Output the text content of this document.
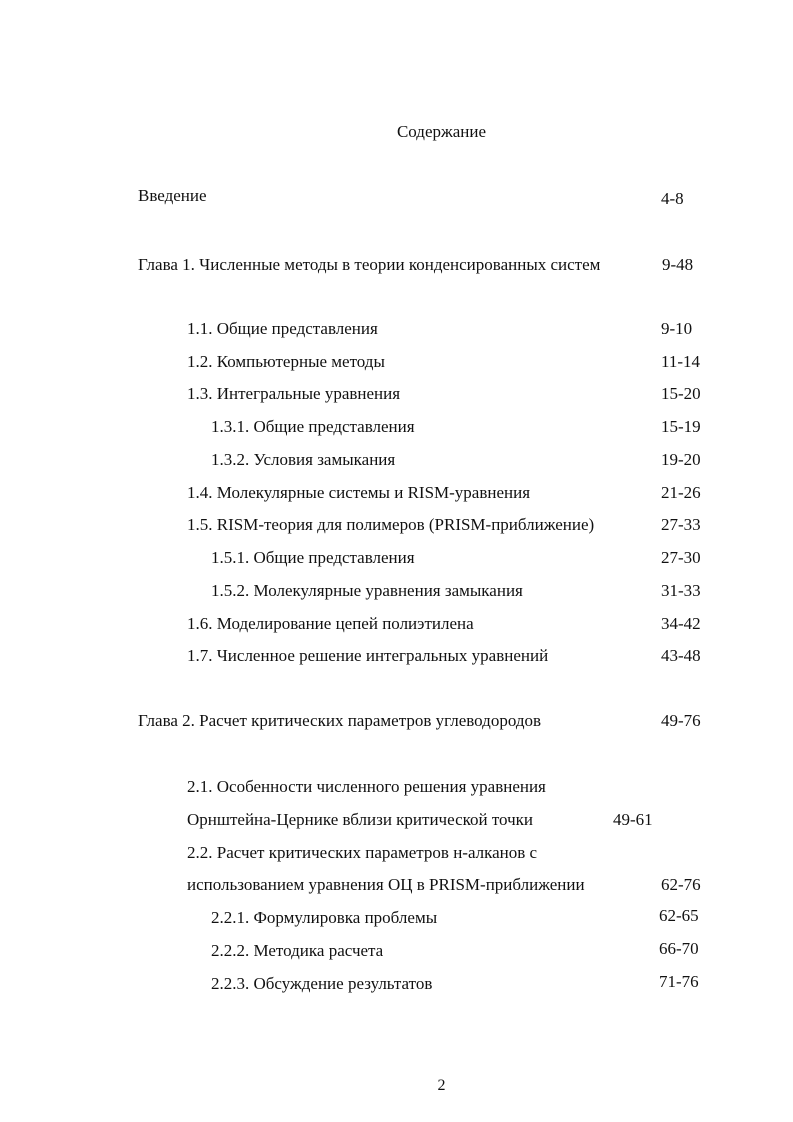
Содержание
Введение	4-8
Глава 1. Численные методы в теории конденсированных систем	9-48
1.1. Общие представления	9-10
1.2. Компьютерные методы	11-14
1.3. Интегральные уравнения	15-20
1.3.1. Общие представления	15-19
1.3.2. Условия замыкания	19-20
1.4. Молекулярные системы и RISM-уравнения	21-26
1.5. RISM-теория для полимеров (PRISM-приближение)	27-33
1.5.1. Общие представления	27-30
1.5.2. Молекулярные уравнения замыкания	31-33
1.6. Моделирование цепей полиэтилена	34-42
1.7. Численное решение интегральных уравнений	43-48
Глава 2. Расчет критических параметров углеводородов	49-76
2.1. Особенности численного решения уравнения
Орнштейна-Цернике вблизи критической точки	49-61
2.2. Расчет критических параметров н-алканов с
использованием уравнения ОЦ в PRISM-приближении	62-76
2.2.1. Формулировка проблемы	62-65
2.2.2. Методика расчета	66-70
2.2.3. Обсуждение результатов	71-76
2
